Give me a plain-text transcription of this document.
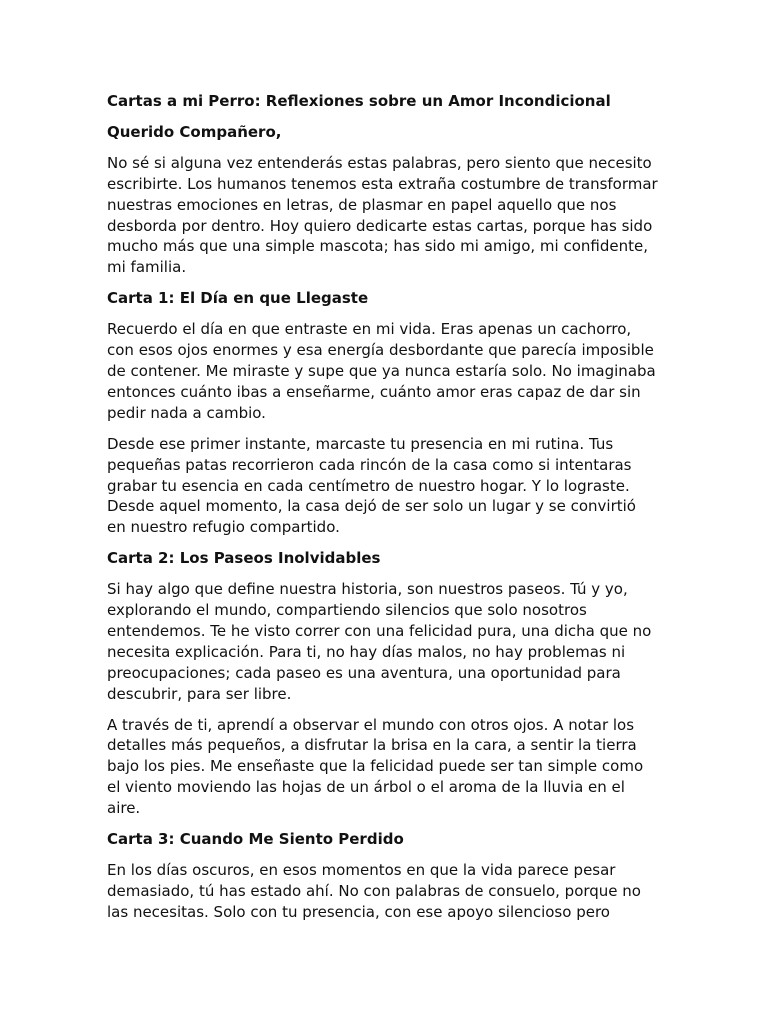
Cartas a mi Perro: Reflexiones sobre un Amor Incondicional
Querido Compañero,
No sé si alguna vez entenderás estas palabras, pero siento que necesito
escribirte. Los humanos tenemos esta extraña costumbre de transformar
nuestras emociones en letras, de plasmar en papel aquello que nos
desborda por dentro. Hoy quiero dedicarte estas cartas, porque has sido
mucho más que una simple mascota; has sido mi amigo, mi confidente,
mi familia.
Carta 1: El Día en que Llegaste
Recuerdo el día en que entraste en mi vida. Eras apenas un cachorro,
con esos ojos enormes y esa energía desbordante que parecía imposible
de contener. Me miraste y supe que ya nunca estaría solo. No imaginaba
entonces cuánto ibas a enseñarme, cuánto amor eras capaz de dar sin
pedir nada a cambio.
Desde ese primer instante, marcaste tu presencia en mi rutina. Tus
pequeñas patas recorrieron cada rincón de la casa como si intentaras
grabar tu esencia en cada centímetro de nuestro hogar. Y lo lograste.
Desde aquel momento, la casa dejó de ser solo un lugar y se convirtió
en nuestro refugio compartido.
Carta 2: Los Paseos Inolvidables
Si hay algo que define nuestra historia, son nuestros paseos. Tú y yo,
explorando el mundo, compartiendo silencios que solo nosotros
entendemos. Te he visto correr con una felicidad pura, una dicha que no
necesita explicación. Para ti, no hay días malos, no hay problemas ni
preocupaciones; cada paseo es una aventura, una oportunidad para
descubrir, para ser libre.
A través de ti, aprendí a observar el mundo con otros ojos. A notar los
detalles más pequeños, a disfrutar la brisa en la cara, a sentir la tierra
bajo los pies. Me enseñaste que la felicidad puede ser tan simple como
el viento moviendo las hojas de un árbol o el aroma de la lluvia en el
aire.
Carta 3: Cuando Me Siento Perdido
En los días oscuros, en esos momentos en que la vida parece pesar
demasiado, tú has estado ahí. No con palabras de consuelo, porque no
las necesitas. Solo con tu presencia, con ese apoyo silencioso pero
